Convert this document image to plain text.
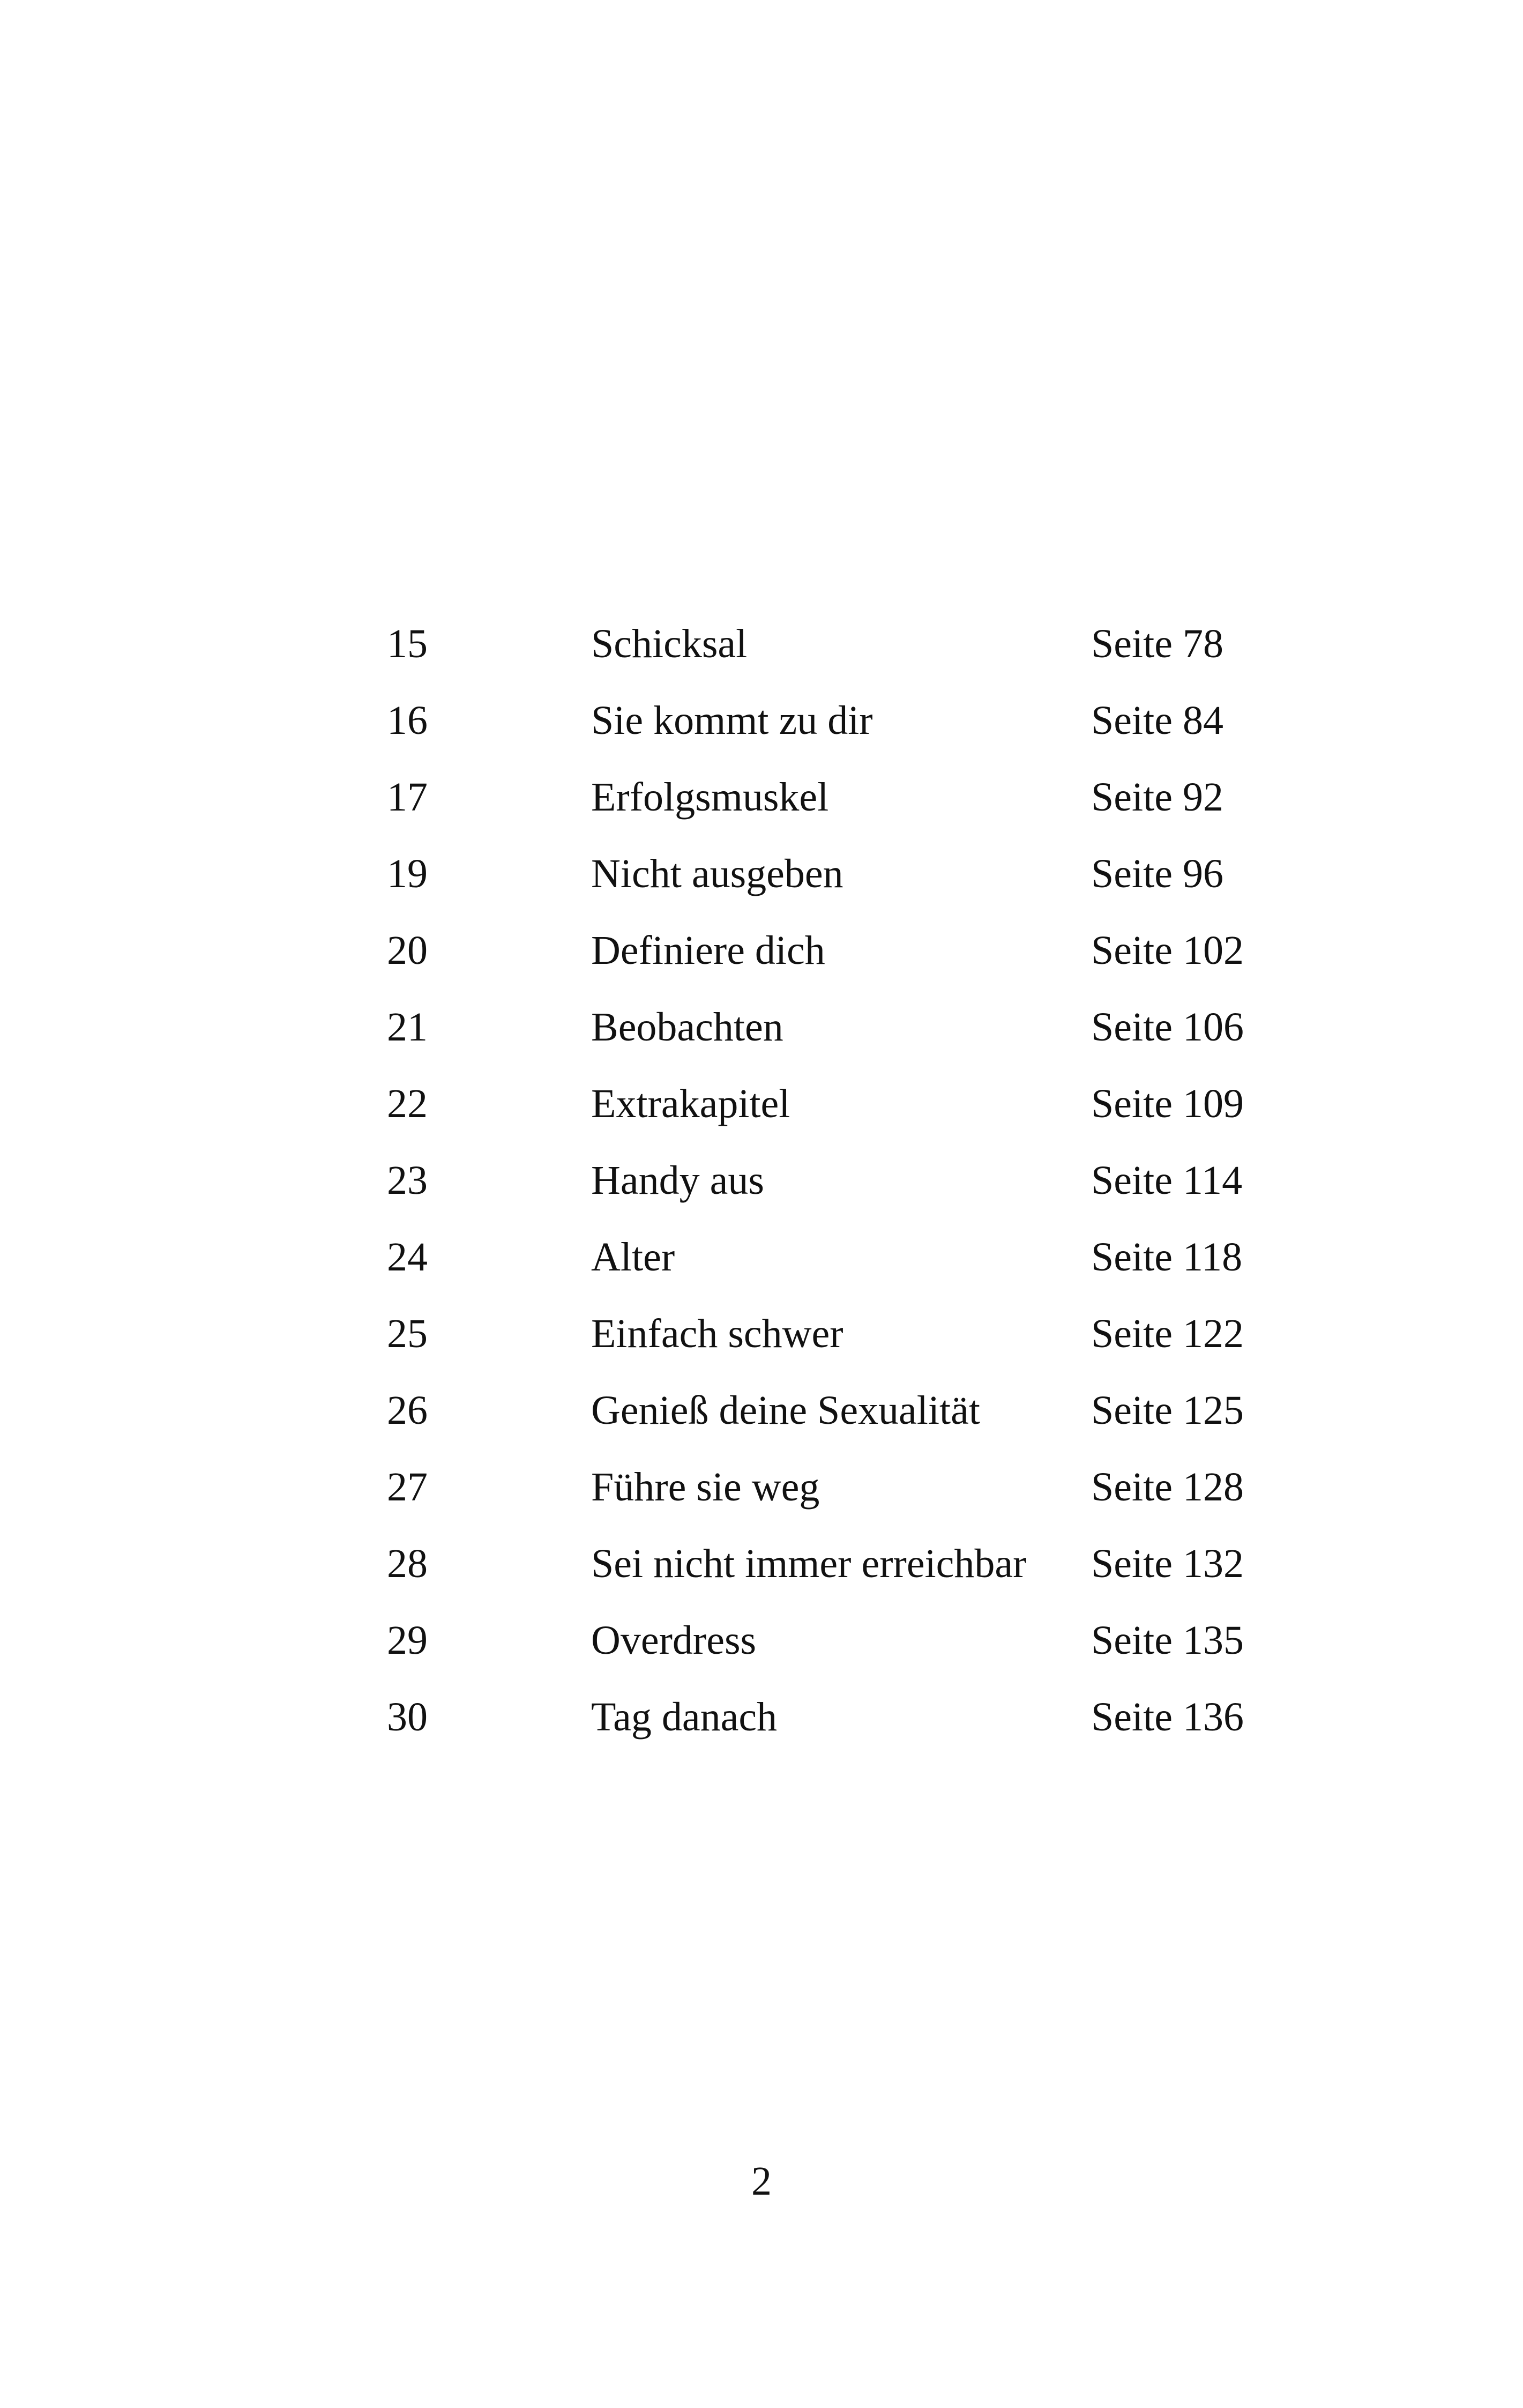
15	Schicksal	Seite 78
16	Sie kommt zu dir	Seite 84
17	Erfolgsmuskel	Seite 92
19	Nicht ausgeben	Seite 96
20	Definiere dich	Seite 102
21	Beobachten	Seite 106
22	Extrakapitel	Seite 109
23	Handy aus	Seite 114
24	Alter	Seite 118
25	Einfach schwer	Seite 122
26	Genieß deine Sexualität	Seite 125
27	Führe sie weg	Seite 128
28	Sei nicht immer erreichbar Seite 132
29	Overdress	Seite 135
30	Tag danach	Seite 136
2
